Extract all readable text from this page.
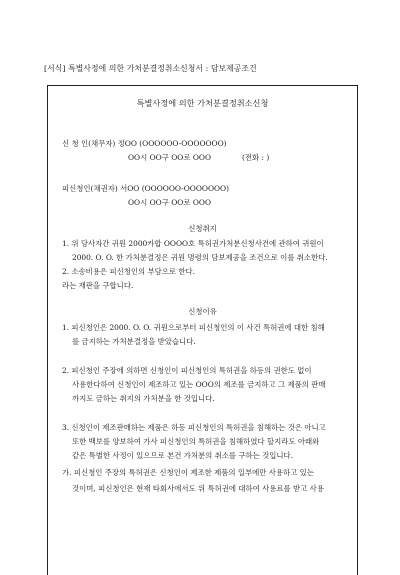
[서식] 특별사정에 의한 가처분결정취소신청서 : 담보제공조건
특별사정에 의한 가처분결정취소신청
신 청 인(채무자) 정OO (OOOOOO-OOOOOOO)
OO시 OO구 OO로 OOO	(전화 : )
피신청인(채권자) 서OO (OOOOOO-OOOOOOO)
OO시 OO구 OO로 OOO
신청취지
1. 위 당사자간 귀원 2000카합 OOOO호 특허권가처분신청사건에 관하여 귀원이
2000. O. O. 한 가처분결정은 귀원 명령의 담보제공을 조건으로 이를 취소한다.
2. 소송비용은 피신청인의 부담으로 한다.
라는 재판을 구합니다.
신청이유
1. 피신청인은 2000. O. O. 귀원으로부터 피신청인의 이 사건 특허권에 대한 침해
를 금지하는 가처분결정을 받았습니다.
2. 피신청인 주장에 의하면 신청인이 피신청인의 특허권을 하등의 권한도 없이
사용한다하여 신청인이 제조하고 있는 OOO의 제조를 금지하고 그 제품의 판매
까지도 금하는 취지의 가처분을 한 것입니다.
3. 신청인이 제조판매하는 제품은 하등 피신청인의 특허권을 침해하는 것은 아니고
또한 백보를 양보하여 가사 피신청인의 특허권을 침해하였다 할지라도 아래와
같은 특별한 사정이 있으므로 본건 가처분의 취소를 구하는 것입니다.
가. 피신청인 주장의 특허권은 신청인이 제조한 제품의 일부에만 사용하고 있는
것이며, 피신청인은 현재 타회사에서도 위 특허권에 대하여 사용료를 받고 사용
